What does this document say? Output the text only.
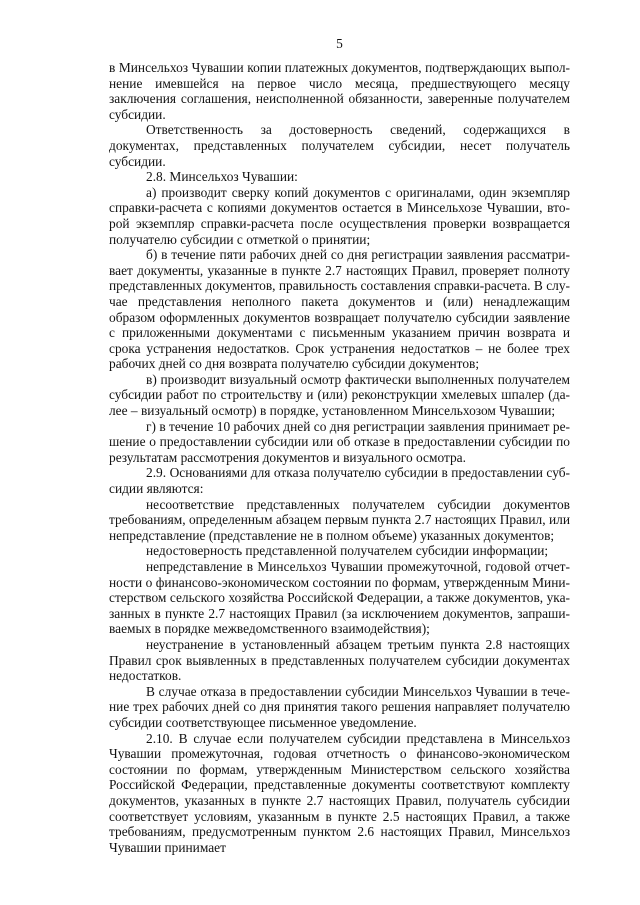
5

в Минсельхоз Чувашии копии платежных документов, подтверждающих выполнение имевшейся на первое число месяца, предшествующего месяцу заключения соглашения, неисполненной обязанности, заверенные получателем субсидии.

Ответственность за достоверность сведений, содержащихся в документах, представленных получателем субсидии, несет получатель субсидии.

2.8. Минсельхоз Чувашии:

а) производит сверку копий документов с оригиналами, один экземпляр справки-расчета с копиями документов остается в Минсельхозе Чувашии, второй экземпляр справки-расчета после осуществления проверки возвращается получателю субсидии с отметкой о принятии;

б) в течение пяти рабочих дней со дня регистрации заявления рассматривает документы, указанные в пункте 2.7 настоящих Правил, проверяет полноту представленных документов, правильность составления справки-расчета. В случае представления неполного пакета документов и (или) ненадлежащим образом оформленных документов возвращает получателю субсидии заявление с приложенными документами с письменным указанием причин возврата и срока устранения недостатков. Срок устранения недостатков – не более трех рабочих дней со дня возврата получателю субсидии документов;

в) производит визуальный осмотр фактически выполненных получателем субсидии работ по строительству и (или) реконструкции хмелевых шпалер (далее – визуальный осмотр) в порядке, установленном Минсельхозом Чувашии;

г) в течение 10 рабочих дней со дня регистрации заявления принимает решение о предоставлении субсидии или об отказе в предоставлении субсидии по результатам рассмотрения документов и визуального осмотра.

2.9. Основаниями для отказа получателю субсидии в предоставлении субсидии являются:

несоответствие представленных получателем субсидии документов требованиям, определенным абзацем первым пункта 2.7 настоящих Правил, или непредставление (представление не в полном объеме) указанных документов;

недостоверность представленной получателем субсидии информации;

непредставление в Минсельхоз Чувашии промежуточной, годовой отчетности о финансово-экономическом состоянии по формам, утвержденным Министерством сельского хозяйства Российской Федерации, а также документов, указанных в пункте 2.7 настоящих Правил (за исключением документов, запрашиваемых в порядке межведомственного взаимодействия);

неустранение в установленный абзацем третьим пункта 2.8 настоящих Правил срок выявленных в представленных получателем субсидии документах недостатков.

В случае отказа в предоставлении субсидии Минсельхоз Чувашии в течение трех рабочих дней со дня принятия такого решения направляет получателю субсидии соответствующее письменное уведомление.

2.10. В случае если получателем субсидии представлена в Минсельхоз Чувашии промежуточная, годовая отчетность о финансово-экономическом состоянии по формам, утвержденным Министерством сельского хозяйства Российской Федерации, представленные документы соответствуют комплекту документов, указанных в пункте 2.7 настоящих Правил, получатель субсидии соответствует условиям, указанным в пункте 2.5 настоящих Правил, а также требованиям, предусмотренным пунктом 2.6 настоящих Правил, Минсельхоз Чувашии принимает
